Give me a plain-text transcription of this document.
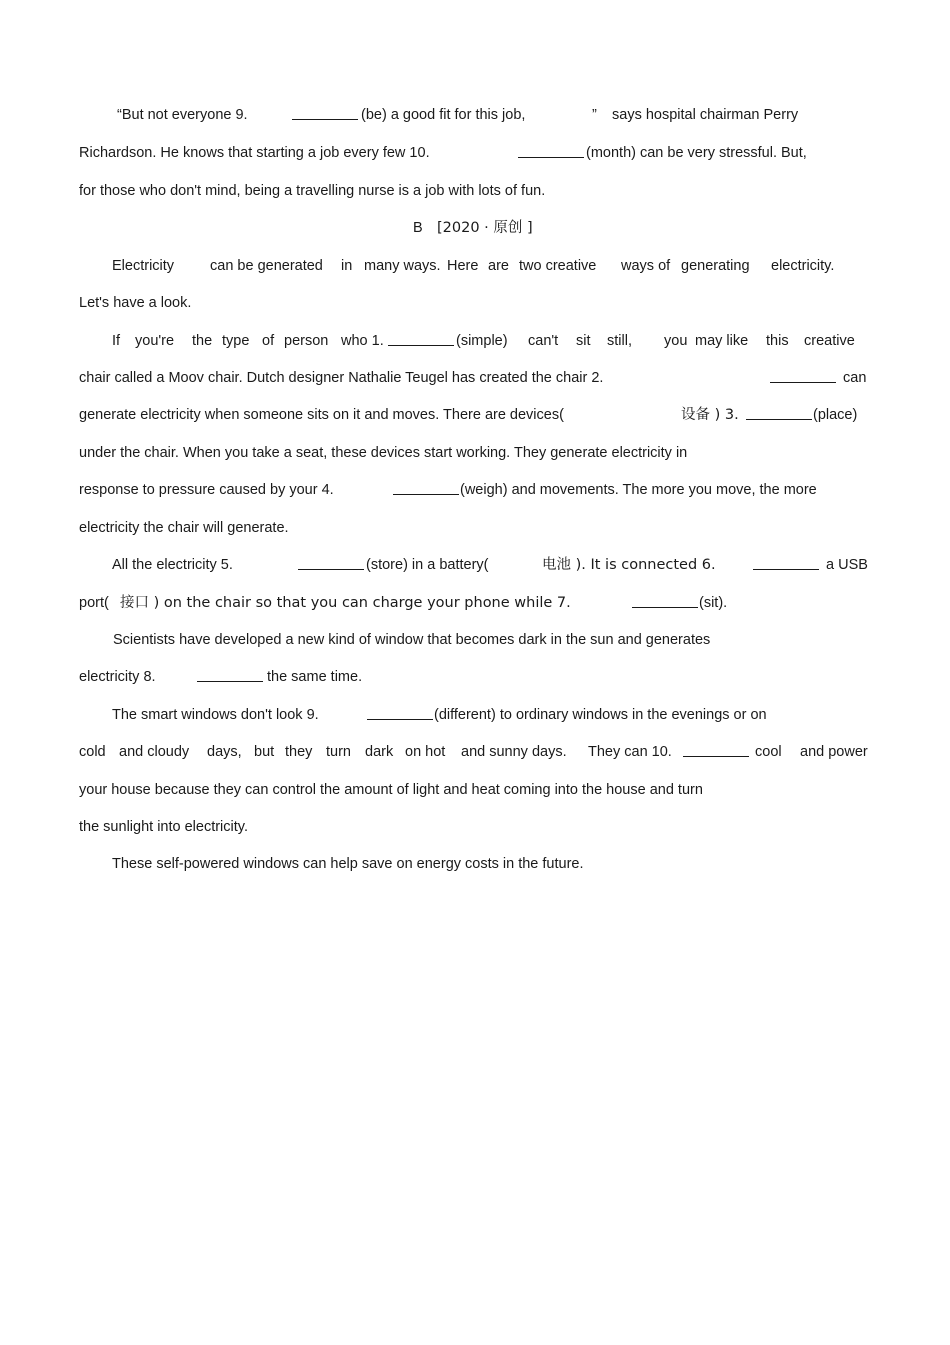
“But not everyone 9.	(be) a good fit for this job,	” says hospital chairman Perry
Richardson. He knows that starting a job every few 10.	(month) can be very stressful. But,
for those who don't mind, being a travelling nurse is a job with lots of fun.
B [2020 · 原创 ]
Electricity can be generated in many ways. Here are two creative ways of generating electricity.
Let's have a look.
If you're the type of person who 1.	(simple) can't sit still, you may like this creative
chair called a Moov chair. Dutch designer Nathalie Teugel has created the chair 2.	can
generate electricity when someone sits on it and moves. There are devices(	设备 ) 3.	(place)
under the chair. When you take a seat, these devices start working. They generate electricity in
response to pressure caused by your 4.	(weigh) and movements. The more you move, the more
electricity the chair will generate.
All the electricity 5.	(store) in a battery(	电池 ). It is connected 6.	a USB
port( 接口 ) on the chair so that you can charge your phone while 7.	(sit).
Scientists have developed a new kind of window that becomes dark in the sun and generates
electricity 8.	the same time.
The smart windows don't look 9.	(different) to ordinary windows in the evenings or on
cold and cloudy days, but they turn dark on hot and sunny days. They can 10.	cool and power
your house because they can control the amount of light and heat coming into the house and turn
the sunlight into electricity.
These self-powered windows can help save on energy costs in the future.
